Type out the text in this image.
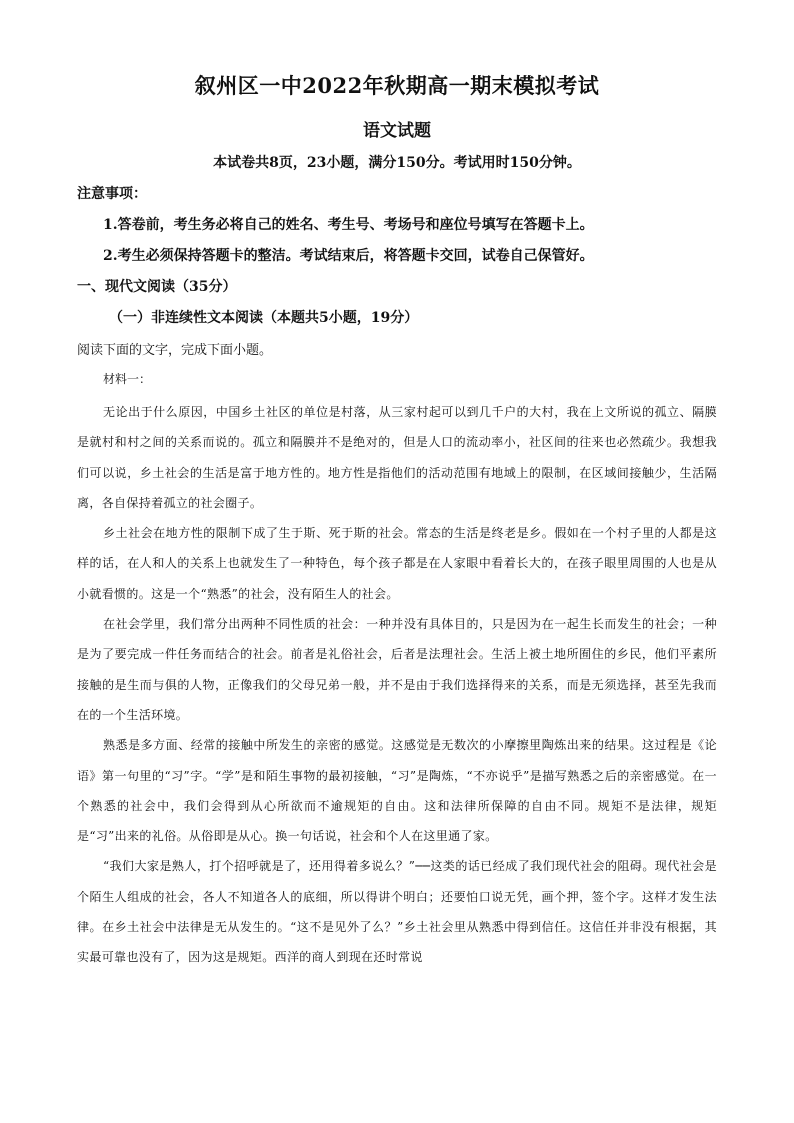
叙州区一中2022年秋期高一期末模拟考试
语文试题
本试卷共8页，23小题，满分150分。考试用时150分钟。
注意事项：
1.答卷前，考生务必将自己的姓名、考生号、考场号和座位号填写在答题卡上。
2.考生必须保持答题卡的整洁。考试结束后，将答题卡交回，试卷自己保管好。
一、现代文阅读（35分）
（一）非连续性文本阅读（本题共5小题，19分）
阅读下面的文字，完成下面小题。
材料一：

无论出于什么原因，中国乡土社区的单位是村落，从三家村起可以到几千户的大村，我在上文所说的孤立、隔膜是就村和村之间的关系而说的。孤立和隔膜并不是绝对的，但是人口的流动率小，社区间的往来也必然疏少。我想我们可以说，乡土社会的生活是富于地方性的。地方性是指他们的活动范围有地域上的限制，在区域间接触少，生活隔离，各自保持着孤立的社会圈子。

乡土社会在地方性的限制下成了生于斯、死于斯的社会。常态的生活是终老是乡。假如在一个村子里的人都是这样的话，在人和人的关系上也就发生了一种特色，每个孩子都是在人家眼中看着长大的，在孩子眼里周围的人也是从小就看惯的。这是一个“熟悉”的社会，没有陌生人的社会。

在社会学里，我们常分出两种不同性质的社会：一种并没有具体目的，只是因为在一起生长而发生的社会；一种是为了要完成一件任务而结合的社会。前者是礼俗社会，后者是法理社会。生活上被土地所囿住的乡民，他们平素所接触的是生而与俱的人物，正像我们的父母兄弟一般，并不是由于我们选择得来的关系，而是无须选择，甚至先我而在的一个生活环境。

熟悉是多方面、经常的接触中所发生的亲密的感觉。这感觉是无数次的小摩擦里陶炼出来的结果。这过程是《论语》第一句里的“习”字。“学”是和陌生事物的最初接触，“习”是陶炼，“不亦说乎”是描写熟悉之后的亲密感觉。在一个熟悉的社会中，我们会得到从心所欲而不逾规矩的自由。这和法律所保障的自由不同。规矩不是法律，规矩是“习”出来的礼俗。从俗即是从心。换一句话说，社会和个人在这里通了家。

“我们大家是熟人，打个招呼就是了，还用得着多说么？”──这类的话已经成了我们现代社会的阻碍。现代社会是个陌生人组成的社会，各人不知道各人的底细，所以得讲个明白；还要怕口说无凭，画个押，签个字。这样才发生法律。在乡土社会中法律是无从发生的。“这不是见外了么？”乡土社会里从熟悉中得到信任。这信任并非没有根据，其实最可靠也没有了，因为这是规矩。西洋的商人到现在还时常说
